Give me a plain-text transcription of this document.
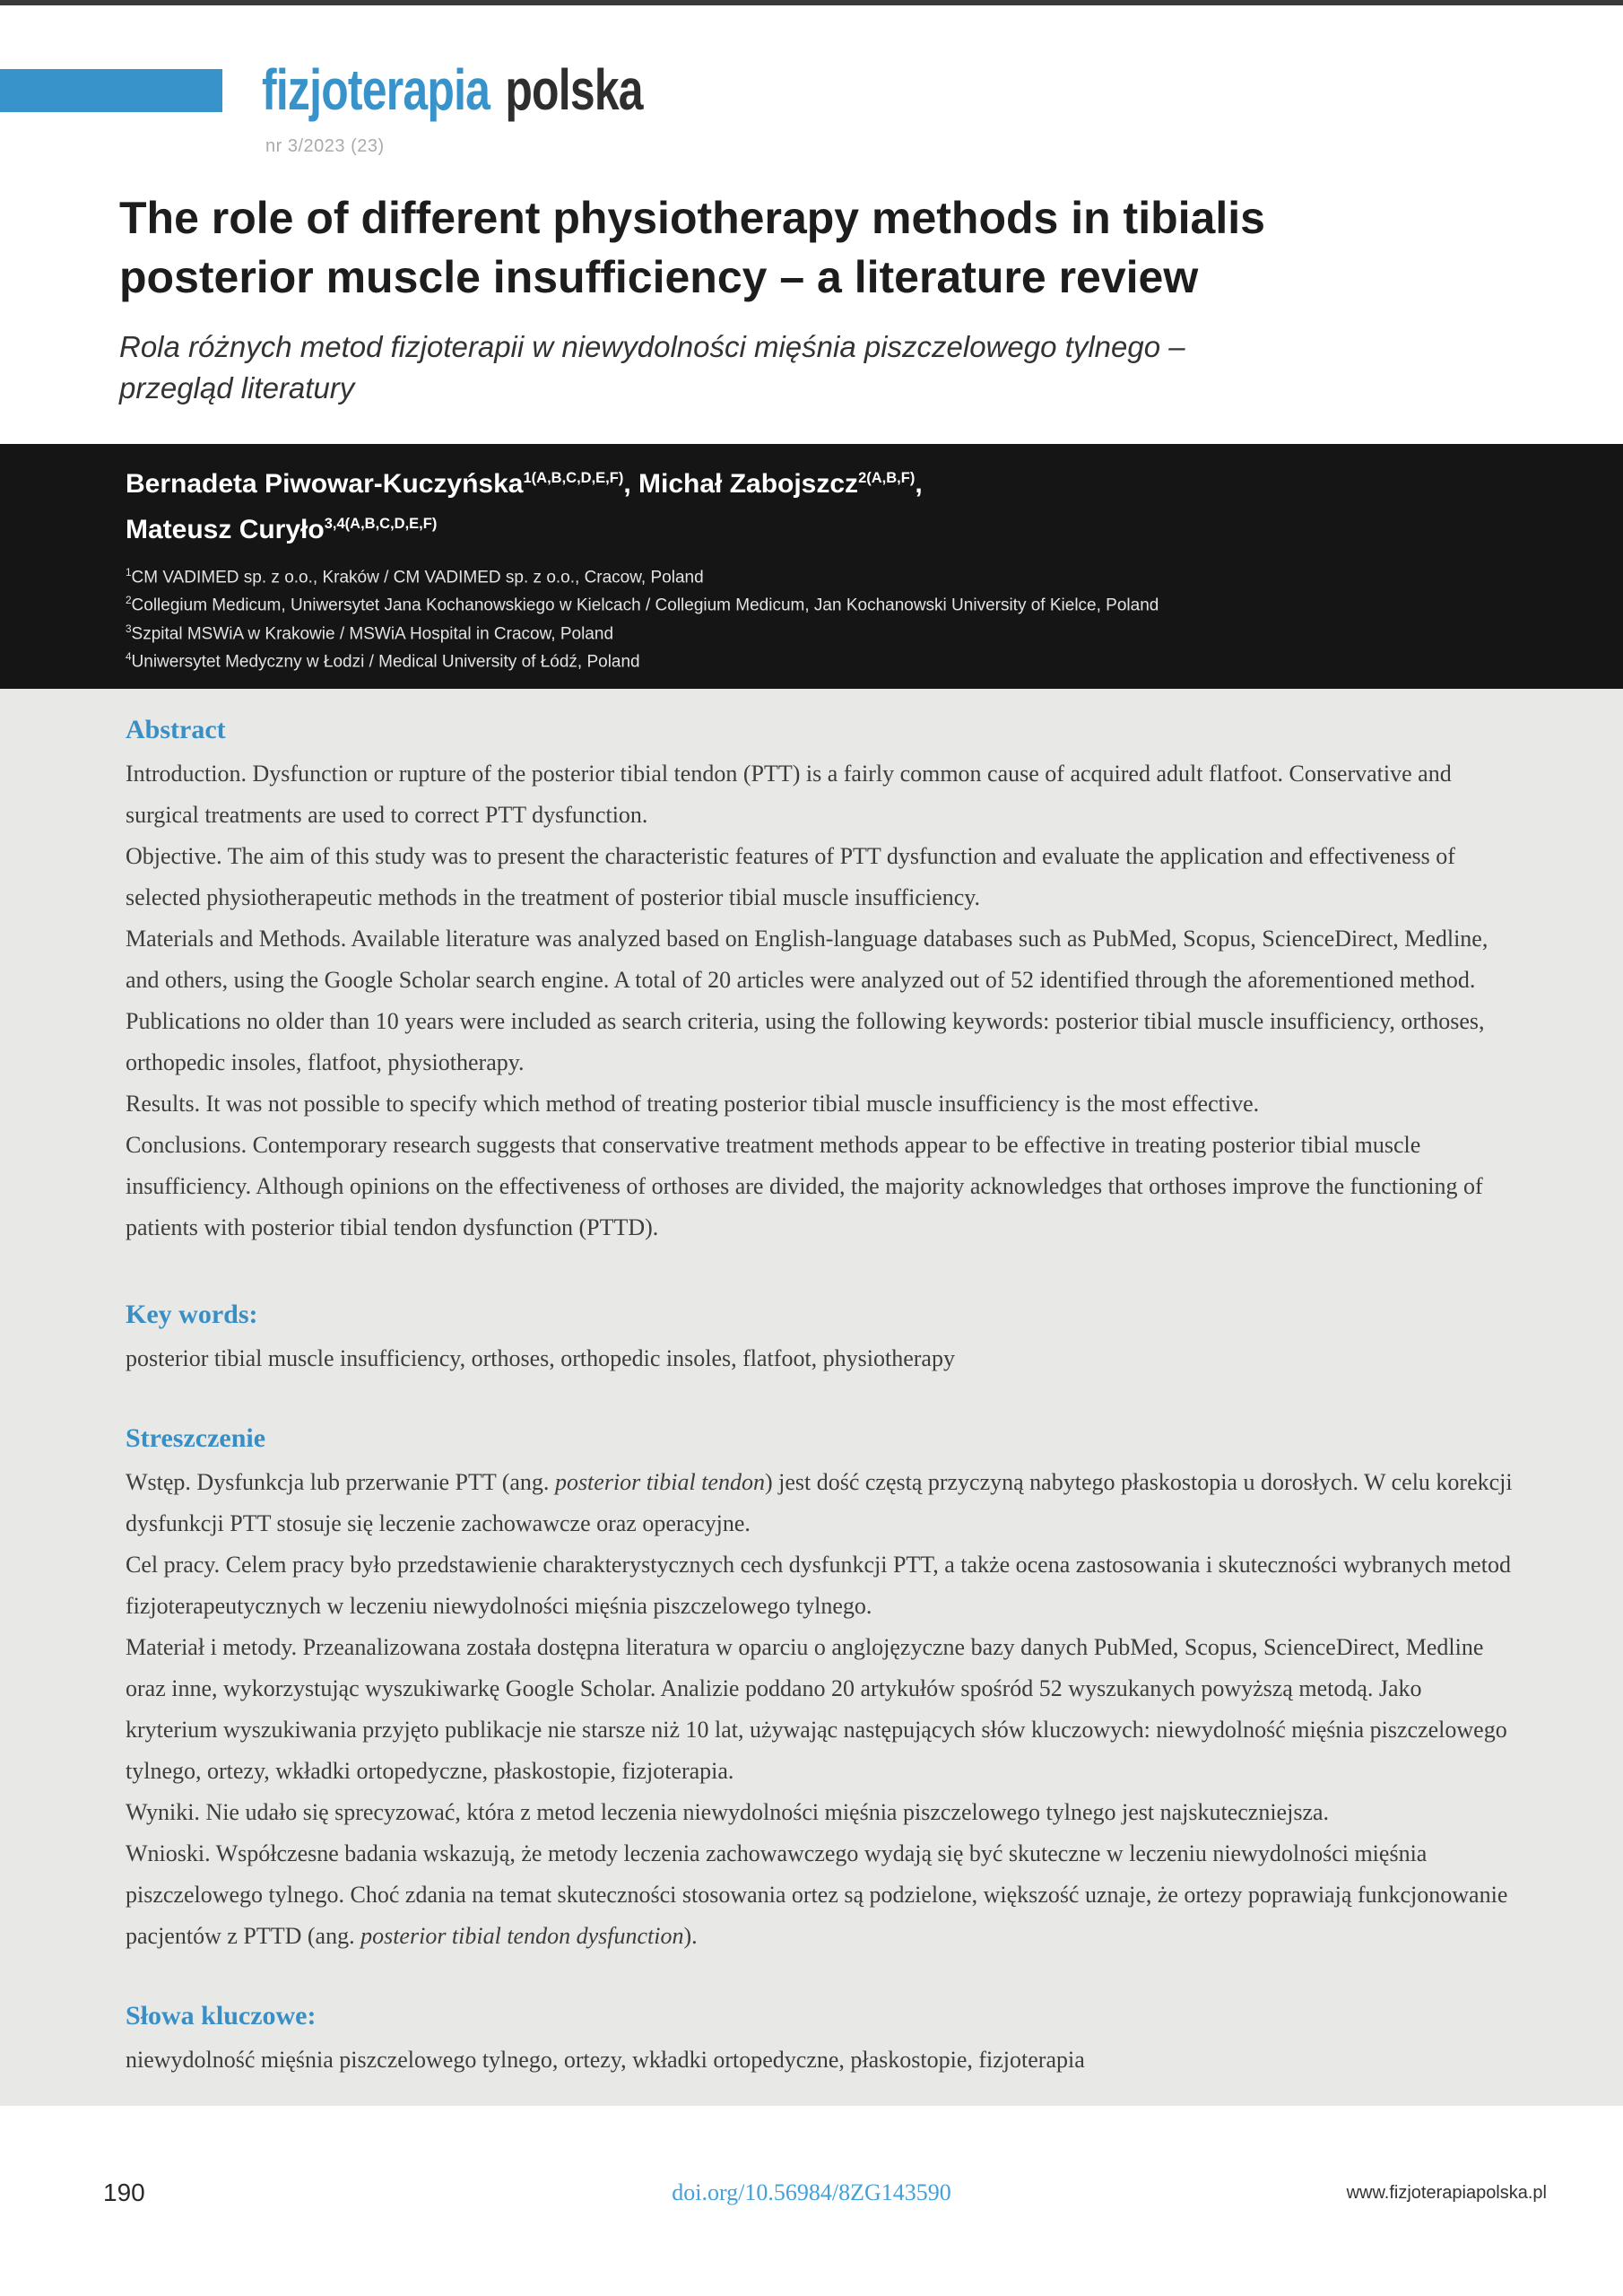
fizjoterapia polska
nr 3/2023 (23)
The role of different physiotherapy methods in tibialis
posterior muscle insufficiency – a literature review
Rola różnych metod fizjoterapii w niewydolności mięśnia piszczelowego tylnego –
przegląd literatury
Bernadeta Piwowar-Kuczyńska$^{1(A,B,C,D,E,F)}$, Michał Zabojszcz$^{2(A,B,F)}$,
Mateusz Curyło$^{3,4(A,B,C,D,E,F)}$
$^1$CM VADIMED sp. z o.o., Kraków / CM VADIMED sp. z o.o., Cracow, Poland
$^2$Collegium Medicum, Uniwersytet Jana Kochanowskiego w Kielcach / Collegium Medicum, Jan Kochanowski University of Kielce, Poland
$^3$Szpital MSWiA w Krakowie / MSWiA Hospital in Cracow, Poland
$^4$Uniwersytet Medyczny w Łodzi / Medical University of Łódź, Poland
Abstract
Introduction. Dysfunction or rupture of the posterior tibial tendon (PTT) is a fairly common cause of acquired adult flatfoot. Conservative and surgical treatments are used to correct PTT dysfunction.
Objective. The aim of this study was to present the characteristic features of PTT dysfunction and evaluate the application and effectiveness of selected physiotherapeutic methods in the treatment of posterior tibial muscle insufficiency.
Materials and Methods. Available literature was analyzed based on English-language databases such as PubMed, Scopus, ScienceDirect, Medline, and others, using the Google Scholar search engine. A total of 20 articles were analyzed out of 52 identified through the aforementioned method. Publications no older than 10 years were included as search criteria, using the following keywords: posterior tibial muscle insufficiency, orthoses, orthopedic insoles, flatfoot, physiotherapy.
Results. It was not possible to specify which method of treating posterior tibial muscle insufficiency is the most effective.
Conclusions. Contemporary research suggests that conservative treatment methods appear to be effective in treating posterior tibial muscle insufficiency. Although opinions on the effectiveness of orthoses are divided, the majority acknowledges that orthoses improve the functioning of patients with posterior tibial tendon dysfunction (PTTD).
Key words:
posterior tibial muscle insufficiency, orthoses, orthopedic insoles, flatfoot, physiotherapy
Streszczenie
Wstęp. Dysfunkcja lub przerwanie PTT (ang. posterior tibial tendon) jest dość częstą przyczyną nabytego płaskostopia u dorosłych. W celu korekcji dysfunkcji PTT stosuje się leczenie zachowawcze oraz operacyjne.
Cel pracy. Celem pracy było przedstawienie charakterystycznych cech dysfunkcji PTT, a także ocena zastosowania i skuteczności wybranych metod fizjoterapeutycznych w leczeniu niewydolności mięśnia piszczelowego tylnego.
Materiał i metody. Przeanalizowana została dostępna literatura w oparciu o anglojęzyczne bazy danych PubMed, Scopus, ScienceDirect, Medline oraz inne, wykorzystując wyszukiwarkę Google Scholar. Analizie poddano 20 artykułów spośród 52 wyszukanych powyższą metodą. Jako kryterium wyszukiwania przyjęto publikacje nie starsze niż 10 lat, używając następujących słów kluczowych: niewydolność mięśnia piszczelowego tylnego, ortezy, wkładki ortopedyczne, płaskostopie, fizjoterapia.
Wyniki. Nie udało się sprecyzować, która z metod leczenia niewydolności mięśnia piszczelowego tylnego jest najskuteczniejsza.
Wnioski. Współczesne badania wskazują, że metody leczenia zachowawczego wydają się być skuteczne w leczeniu niewydolności mięśnia piszczelowego tylnego. Choć zdania na temat skuteczności stosowania ortez są podzielone, większość uznaje, że ortezy poprawiają funkcjonowanie pacjentów z PTTD (ang. posterior tibial tendon dysfunction).
Słowa kluczowe:
niewydolność mięśnia piszczelowego tylnego, ortezy, wkładki ortopedyczne, płaskostopie, fizjoterapia
190	doi.org/10.56984/8ZG143590	www.fizjoterapiapolska.pl
